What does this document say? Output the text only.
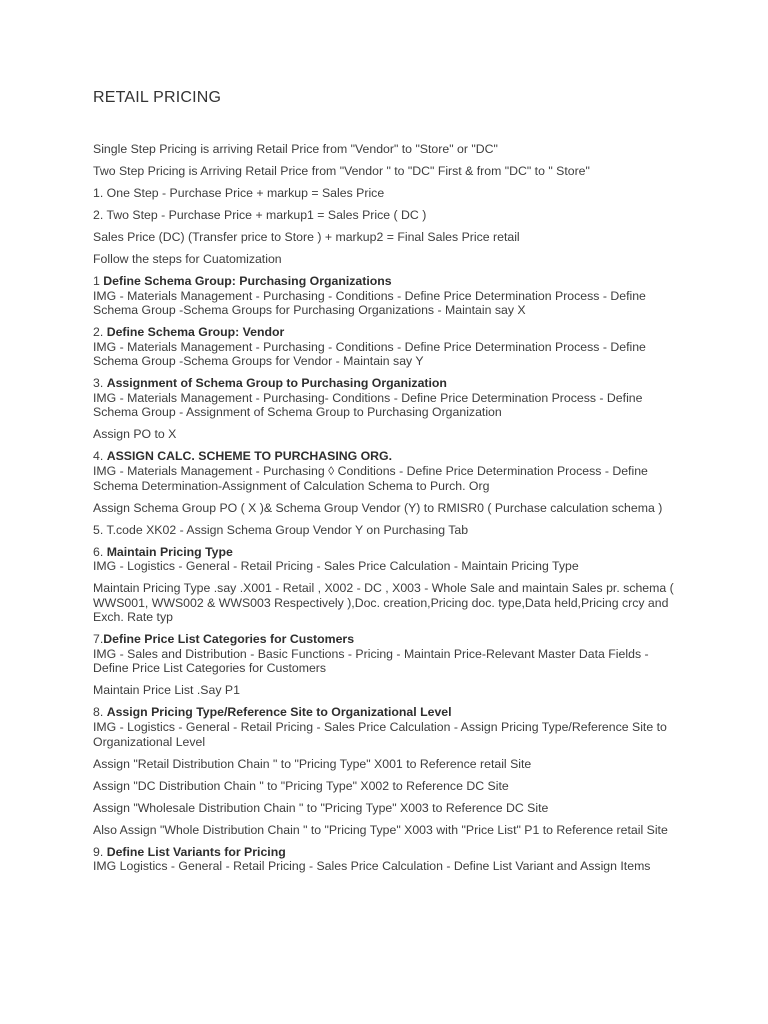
RETAIL PRICING

Single Step Pricing is arriving Retail Price from "Vendor" to "Store" or "DC"

Two Step Pricing is Arriving Retail Price from "Vendor " to "DC" First & from "DC" to " Store"

1. One Step - Purchase Price + markup = Sales Price

2. Two Step - Purchase Price + markup1 = Sales Price ( DC )

Sales Price (DC) (Transfer price to Store ) + markup2 = Final Sales Price retail

Follow the steps for Cuatomization

1 Define Schema Group: Purchasing Organizations

IMG - Materials Management - Purchasing - Conditions - Define Price Determination Process - Define Schema Group -Schema Groups for Purchasing Organizations - Maintain say X

2. Define Schema Group: Vendor

IMG - Materials Management - Purchasing - Conditions - Define Price Determination Process - Define Schema Group -Schema Groups for Vendor - Maintain say Y

3. Assignment of Schema Group to Purchasing Organization

IMG - Materials Management - Purchasing- Conditions - Define Price Determination Process - Define Schema Group - Assignment of Schema Group to Purchasing Organization

Assign PO to X

4. ASSIGN CALC. SCHEME TO PURCHASING ORG.

IMG - Materials Management - Purchasing ◊ Conditions - Define Price Determination Process - Define Schema Determination-Assignment of Calculation Schema to Purch. Org

Assign Schema Group PO ( X )& Schema Group Vendor (Y) to RMISR0 ( Purchase calculation schema )

5. T.code XK02 - Assign Schema Group Vendor Y on Purchasing Tab

6. Maintain Pricing Type

IMG - Logistics - General - Retail Pricing - Sales Price Calculation - Maintain Pricing Type

Maintain Pricing Type .say .X001 - Retail , X002 - DC , X003 - Whole Sale and maintain Sales pr. schema ( WWS001, WWS002 & WWS003 Respectively ),Doc. creation,Pricing doc. type,Data held,Pricing crcy and Exch. Rate typ

7.Define Price List Categories for Customers

IMG - Sales and Distribution - Basic Functions - Pricing - Maintain Price-Relevant Master Data Fields - Define Price List Categories for Customers

Maintain Price List .Say P1

8. Assign Pricing Type/Reference Site to Organizational Level

IMG - Logistics - General - Retail Pricing - Sales Price Calculation - Assign Pricing Type/Reference Site to Organizational Level

Assign "Retail Distribution Chain " to "Pricing Type" X001 to Reference retail Site

Assign "DC Distribution Chain " to "Pricing Type" X002 to Reference DC Site

Assign "Wholesale Distribution Chain " to "Pricing Type" X003 to Reference DC Site

Also Assign "Whole Distribution Chain " to "Pricing Type" X003 with "Price List" P1 to Reference retail Site

9. Define List Variants for Pricing

IMG Logistics - General - Retail Pricing - Sales Price Calculation - Define List Variant and Assign Items
